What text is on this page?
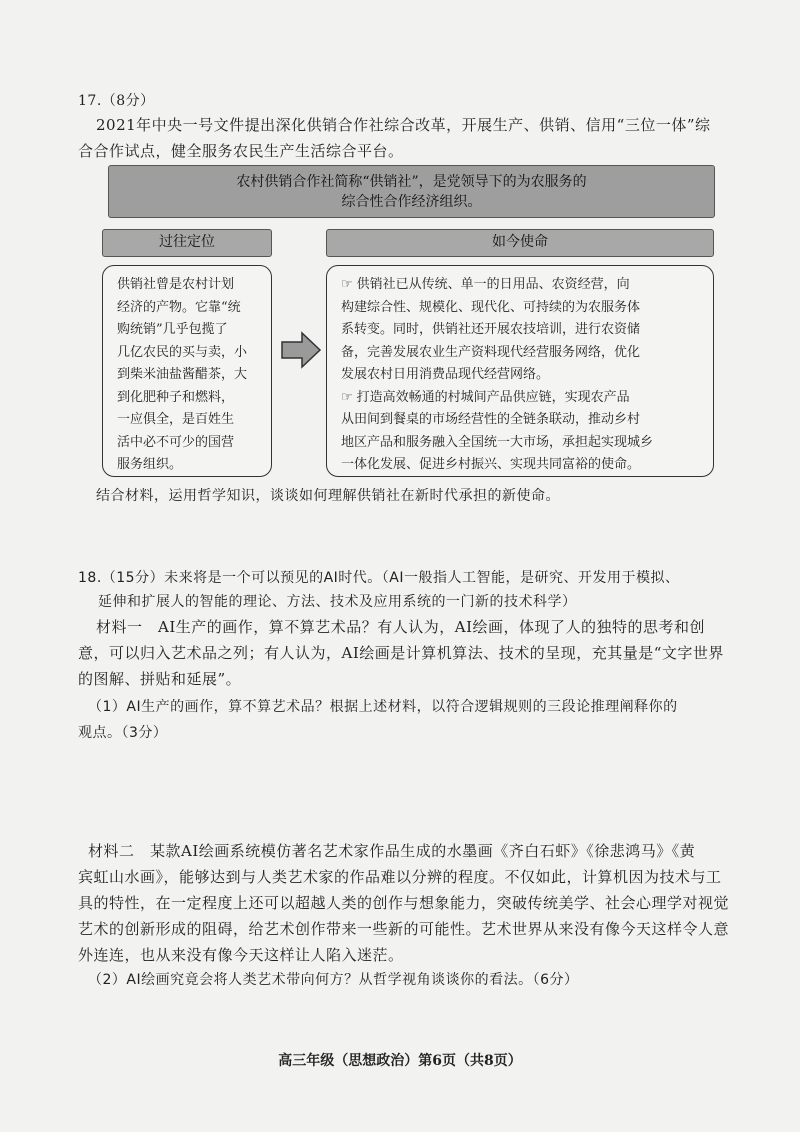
17.（8分）
2021年中央一号文件提出深化供销合作社综合改革，开展生产、供销、信用“三位一体”综
合合作试点，健全服务农民生产生活综合平台。
农村供销合作社简称“供销社”，是党领导下的为农服务的
综合性合作经济组织。
过往定位	如今使命
供销社曾是农村计划
经济的产物。它靠“统
购统销”几乎包揽了
几亿农民的买与卖，小
到柴米油盐酱醋茶，大
到化肥种子和燃料，
一应俱全，是百姓生
活中必不可少的国营
服务组织。
☞ 供销社已从传统、单一的日用品、农资经营，向
构建综合性、规模化、现代化、可持续的为农服务体
系转变。同时，供销社还开展农技培训，进行农资储
备，完善发展农业生产资料现代经营服务网络，优化
发展农村日用消费品现代经营网络。
☞ 打造高效畅通的村城间产品供应链，实现农产品
从田间到餐桌的市场经营性的全链条联动，推动乡村
地区产品和服务融入全国统一大市场，承担起实现城乡
一体化发展、促进乡村振兴、实现共同富裕的使命。
结合材料，运用哲学知识，谈谈如何理解供销社在新时代承担的新使命。
18.（15分）未来将是一个可以预见的AI时代。（AI一般指人工智能，是研究、开发用于模拟、
延伸和扩展人的智能的理论、方法、技术及应用系统的一门新的技术科学）
材料一　AI生产的画作，算不算艺术品？有人认为，AI绘画，体现了人的独特的思考和创
意，可以归入艺术品之列；有人认为，AI绘画是计算机算法、技术的呈现，充其量是“文字世界
的图解、拼贴和延展”。
（1）AI生产的画作，算不算艺术品？根据上述材料，以符合逻辑规则的三段论推理阐释你的
观点。（3分）
材料二　某款AI绘画系统模仿著名艺术家作品生成的水墨画《齐白石虾》《徐悲鸿马》《黄
宾虹山水画》，能够达到与人类艺术家的作品难以分辨的程度。不仅如此，计算机因为技术与工
具的特性，在一定程度上还可以超越人类的创作与想象能力，突破传统美学、社会心理学对视觉
艺术的创新形成的阻碍，给艺术创作带来一些新的可能性。艺术世界从来没有像今天这样令人意
外连连，也从来没有像今天这样让人陷入迷茫。
（2）AI绘画究竟会将人类艺术带向何方？从哲学视角谈谈你的看法。（6分）
高三年级（思想政治）第6页（共8页）
